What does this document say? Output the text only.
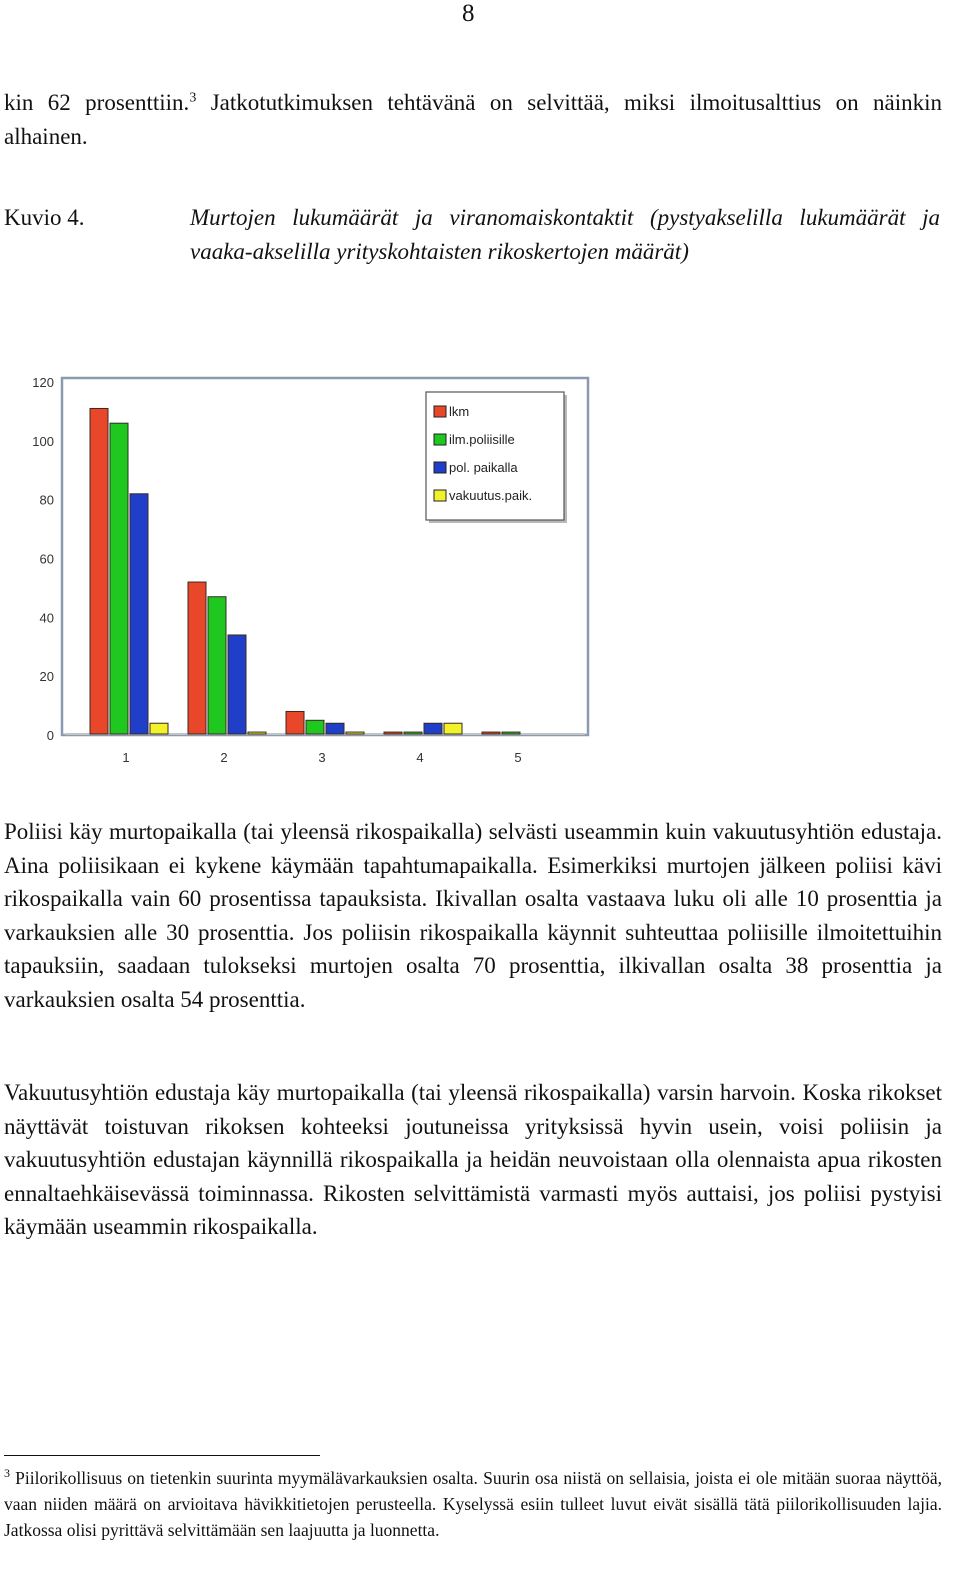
8

kin 62 prosenttiin.$^3$ Jatkotutkimuksen tehtävänä on selvittää, miksi ilmoitusalttius on näinkin alhainen.

Kuvio 4.	Murtojen lukumäärät ja viranomaiskontaktit (pystyakselilla lukumäärät ja vaaka-akselilla yrityskohtaisten rikoskertojen määrät)
0
20
40
60
80
100
120
1	2	3	4	5
lkm
ilm.poliisille
pol. paikalla
vakuutus.paik.

Poliisi käy murtopaikalla (tai yleensä rikospaikalla) selvästi useammin kuin vakuutusyhtiön edustaja. Aina poliisikaan ei kykene käymään tapahtumapaikalla. Esimerkiksi murtojen jälkeen poliisi kävi rikospaikalla vain 60 prosentissa tapauksista. Ikivallan osalta vastaava luku oli alle 10 prosenttia ja varkauksien alle 30 prosenttia. Jos poliisin rikospaikalla käynnit suhteuttaa poliisille ilmoitettuihin tapauksiin, saadaan tulokseksi murtojen osalta 70 prosenttia, ilkivallan osalta 38 prosenttia ja varkauksien osalta 54 prosenttia.

Vakuutusyhtiön edustaja käy murtopaikalla (tai yleensä rikospaikalla) varsin harvoin. Koska rikokset näyttävät toistuvan rikoksen kohteeksi joutuneissa yrityksissä hyvin usein, voisi poliisin ja vakuutusyhtiön edustajan käynnillä rikospaikalla ja heidän neuvoistaan olla olennaista apua rikosten ennaltaehkäisevässä toiminnassa. Rikosten selvittämistä varmasti myös auttaisi, jos poliisi pystyisi käymään useammin rikospaikalla.

$^3$ Piilorikollisuus on tietenkin suurinta myymälävarkauksien osalta. Suurin osa niistä on sellaisia, joista ei ole mitään suoraa näyttöä, vaan niiden määrä on arvioitava hävikkitietojen perusteella. Kyselyssä esiin tulleet luvut eivät sisällä tätä piilorikollisuuden lajia. Jatkossa olisi pyrittävä selvittämään sen laajuutta ja luonnetta.
